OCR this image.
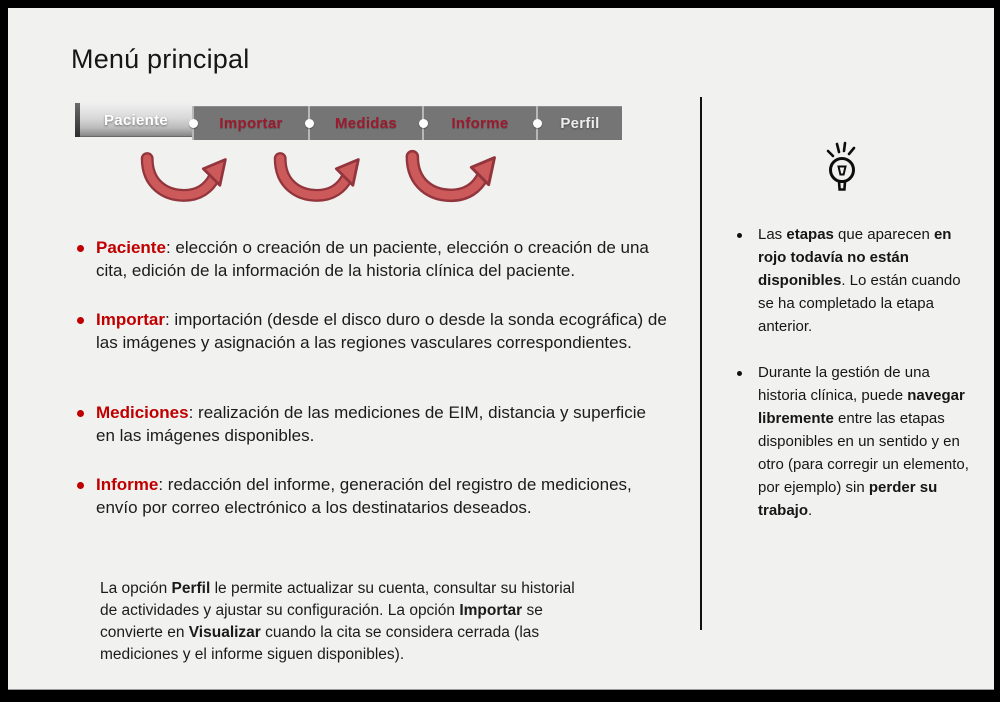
Menú principal
Paciente	Importar	Medidas	Informe	Perfil
Paciente: elección o creación de un paciente, elección o creación de una cita, edición de la información de la historia clínica del paciente.
Importar: importación (desde el disco duro o desde la sonda ecográfica) de las imágenes y asignación a las regiones vasculares correspondientes.
Mediciones: realización de las mediciones de EIM, distancia y superficie en las imágenes disponibles.
Informe: redacción del informe, generación del registro de mediciones, envío por correo electrónico a los destinatarios deseados.

La opción Perfil le permite actualizar su cuenta, consultar su historial de actividades y ajustar su configuración. La opción Importar se convierte en Visualizar cuando la cita se considera cerrada (las mediciones y el informe siguen disponibles).

Las etapas que aparecen en rojo todavía no están disponibles. Lo están cuando se ha completado la etapa anterior.
Durante la gestión de una historia clínica, puede navegar libremente entre las etapas disponibles en un sentido y en otro (para corregir un elemento, por ejemplo) sin perder su trabajo.
